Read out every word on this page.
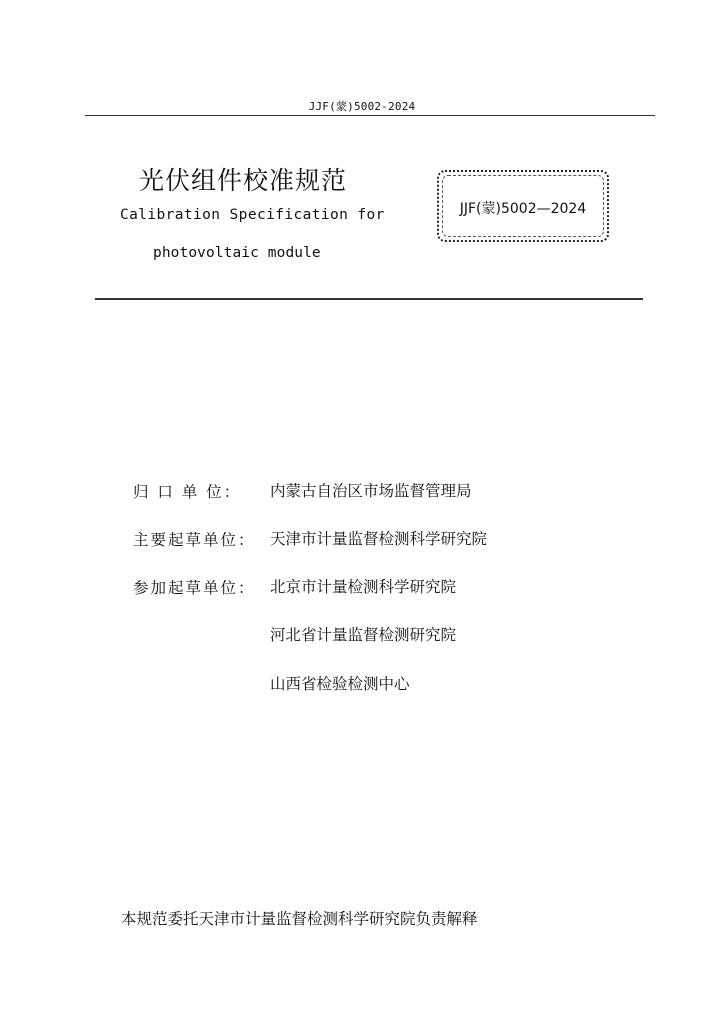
JJF(蒙)5002-2024
光伏组件校准规范
Calibration Specification for
photovoltaic module
JJF(蒙)5002—2024
归 口 单 位： 内蒙古自治区市场监督管理局
主要起草单位： 天津市计量监督检测科学研究院
参加起草单位： 北京市计量检测科学研究院
河北省计量监督检测研究院
山西省检验检测中心
本规范委托天津市计量监督检测科学研究院负责解释
